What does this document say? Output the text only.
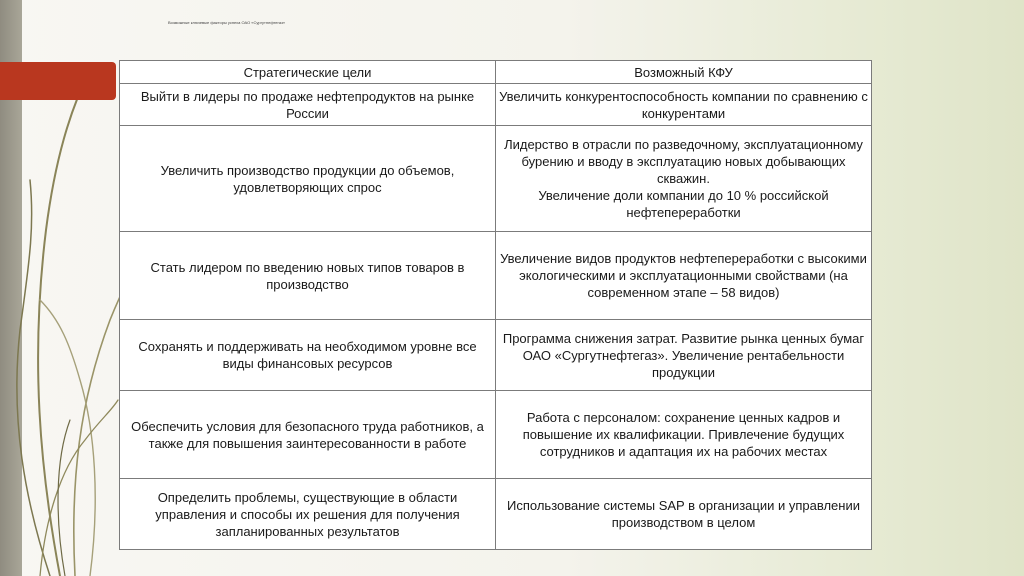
Возможные ключевые факторы успеха ОАО «Сургутнефтегаз»
Стратегические цели	Возможный КФУ
Выйти в лидеры по продаже нефтепродуктов на рынке России	Увеличить конкурентоспособность компании по сравнению с конкурентами

Увеличить производство продукции до объемов, удовлетворяющих спрос	Лидерство в отрасли по разведочному, эксплуатационному бурению и вводу в эксплуатацию новых добывающих скважин.
Увеличение доли компании до 10 % российской нефтепереработки

Стать лидером по введению новых типов товаров в производство	Увеличение видов продуктов нефтепереработки с высокими экологическими и эксплуатационными свойствами (на современном этапе – 58 видов)

Сохранять и поддерживать на необходимом уровне все виды финансовых ресурсов	Программа снижения затрат. Развитие рынка ценных бумаг ОАО «Сургутнефтегаз». Увеличение рентабельности продукции

Обеспечить условия для безопасного труда работников, а также для повышения заинтересованности в работе	Работа с персоналом: сохранение ценных кадров и повышение их квалификации. Привлечение будущих сотрудников и адаптация их на рабочих местах

Определить проблемы, существующие в области управления и способы их решения для получения запланированных результатов	Использование системы SAP в организации и управлении производством в целом
